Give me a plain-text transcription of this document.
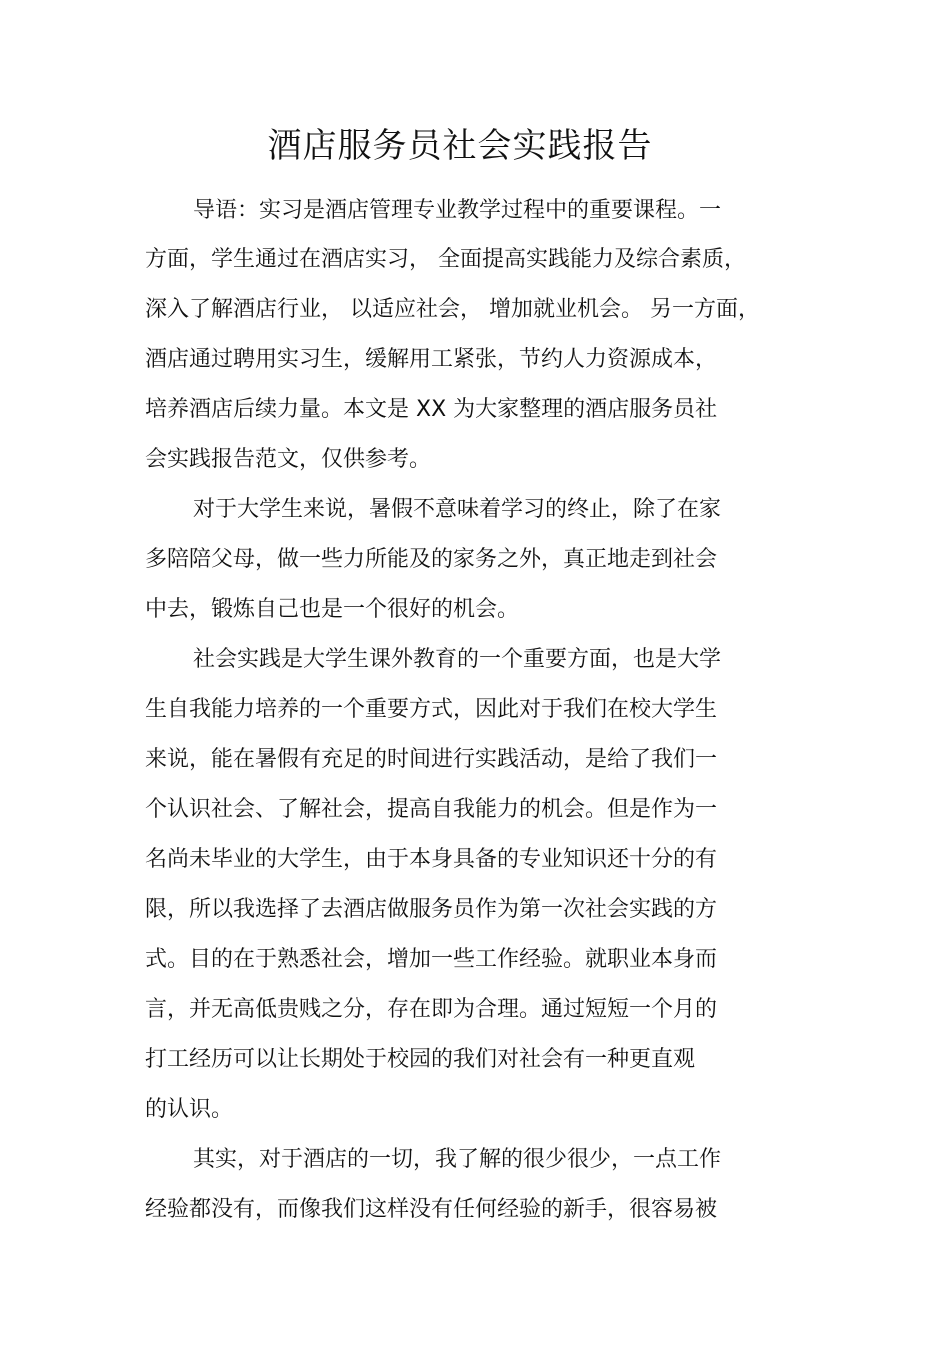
酒店服务员社会实践报告
导语：实习是酒店管理专业教学过程中的重要课程。一
方面，学生通过在酒店实习， 全面提高实践能力及综合素质，
深入了解酒店行业， 以适应社会， 增加就业机会。 另一方面，
酒店通过聘用实习生，缓解用工紧张，节约人力资源成本，
培养酒店后续力量。本文是 XX 为大家整理的酒店服务员社
会实践报告范文，仅供参考。
对于大学生来说，暑假不意味着学习的终止，除了在家
多陪陪父母，做一些力所能及的家务之外，真正地走到社会
中去，锻炼自己也是一个很好的机会。
社会实践是大学生课外教育的一个重要方面，也是大学
生自我能力培养的一个重要方式，因此对于我们在校大学生
来说，能在暑假有充足的时间进行实践活动，是给了我们一
个认识社会、了解社会，提高自我能力的机会。但是作为一
名尚未毕业的大学生，由于本身具备的专业知识还十分的有
限，所以我选择了去酒店做服务员作为第一次社会实践的方
式。目的在于熟悉社会，增加一些工作经验。就职业本身而
言，并无高低贵贱之分，存在即为合理。通过短短一个月的
打工经历可以让长期处于校园的我们对社会有一种更直观
的认识。
其实，对于酒店的一切，我了解的很少很少，一点工作
经验都没有，而像我们这样没有任何经验的新手，很容易被
